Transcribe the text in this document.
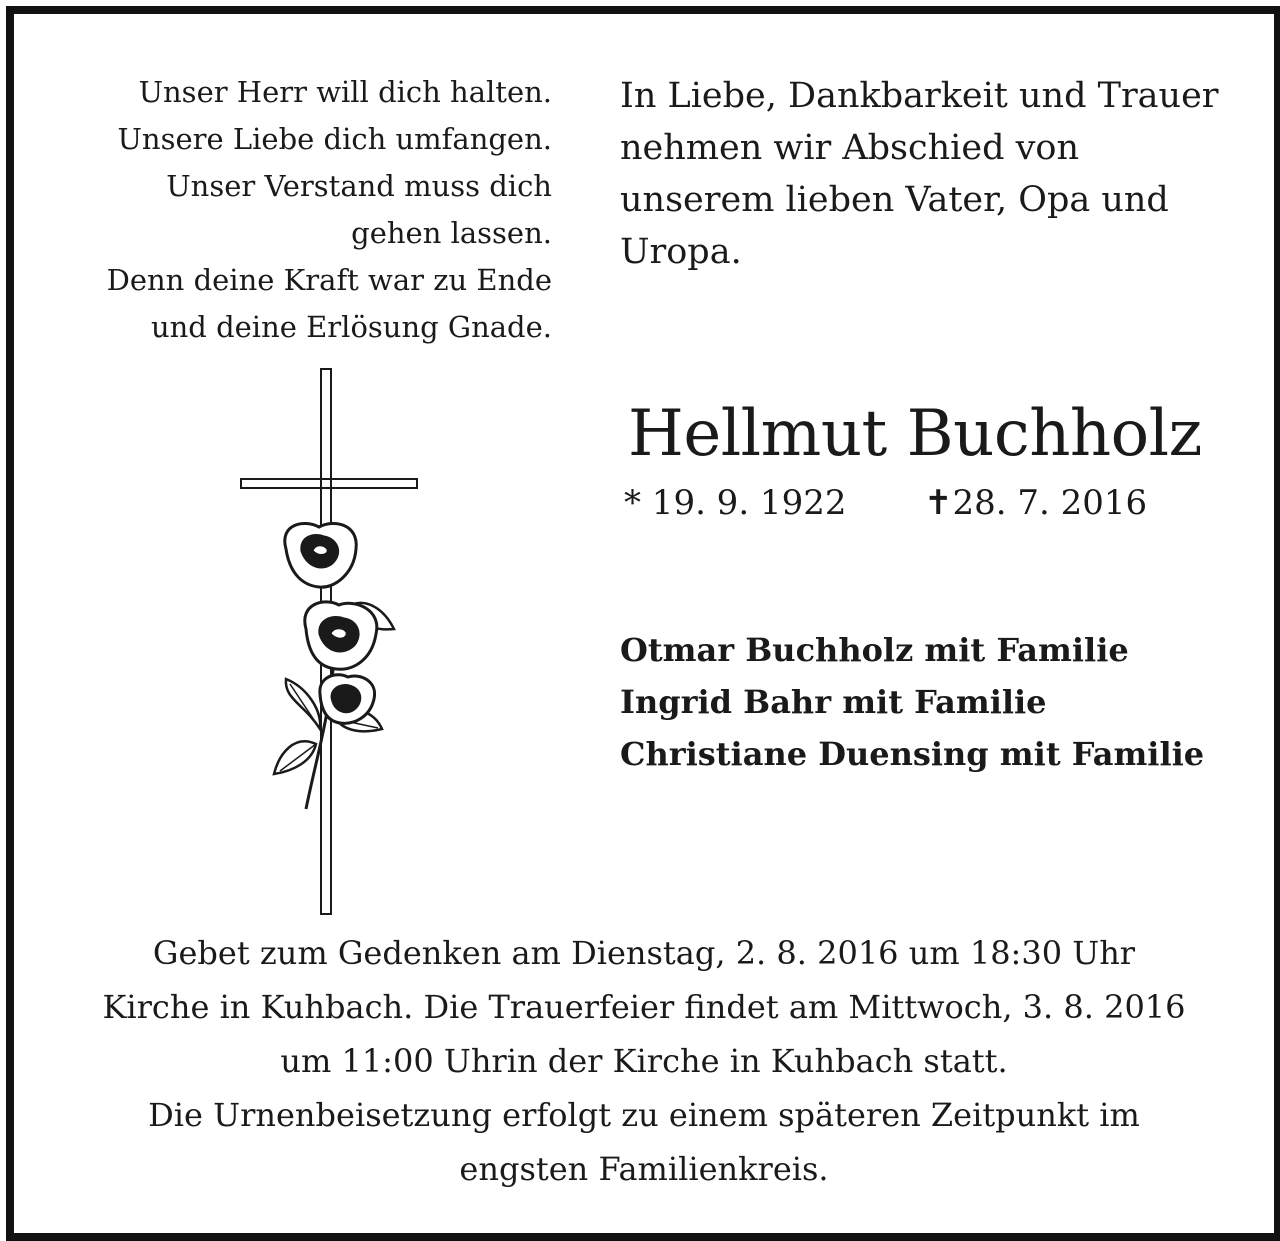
Unser Herr will dich halten.
Unsere Liebe dich umfangen.
Unser Verstand muss dich
gehen lassen.
Denn deine Kraft war zu Ende
und deine Erlösung Gnade.
In Liebe, Dankbarkeit und Trauer
nehmen wir Abschied von
unserem lieben Vater, Opa und
Uropa.
Hellmut Buchholz
* 19. 9. 1922 ✝28. 7. 2016
Otmar Buchholz mit Familie
Ingrid Bahr mit Familie
Christiane Duensing mit Familie
Gebet zum Gedenken am Dienstag, 2. 8. 2016 um 18:30 Uhr
Kirche in Kuhbach. Die Trauerfeier findet am Mittwoch, 3. 8. 2016
um 11:00 Uhrin der Kirche in Kuhbach statt.
Die Urnenbeisetzung erfolgt zu einem späteren Zeitpunkt im
engsten Familienkreis.
